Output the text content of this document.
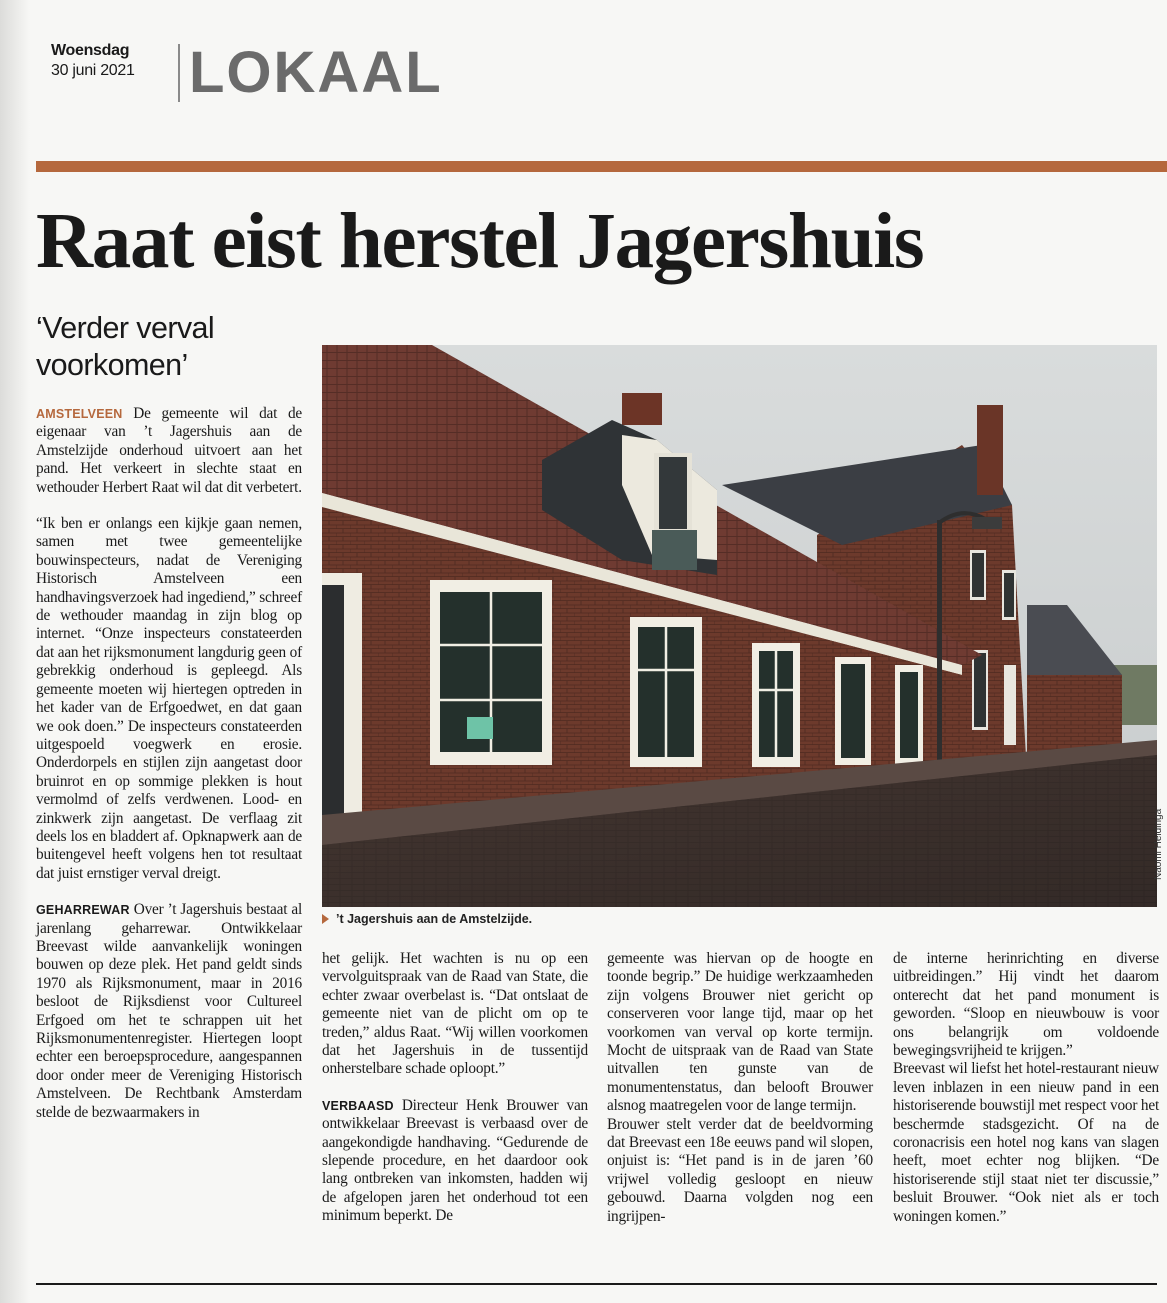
Woensdag
30 juni 2021 LOKAAL
Raat eist herstel Jagershuis
‘Verder verval voorkomen’

AMSTELVEEN De gemeente wil dat de eigenaar van ’t Jagershuis aan de Amstelzijde onderhoud uitvoert aan het pand. Het verkeert in slechte staat en wethouder Herbert Raat wil dat dit verbetert.

“Ik ben er onlangs een kijkje gaan nemen, samen met twee gemeentelijke bouwinspecteurs, nadat de Vereniging Historisch Amstelveen een handhavingsverzoek had ingediend,” schreef de wethouder maandag in zijn blog op internet. “Onze inspecteurs constateerden dat aan het rijksmonument langdurig geen of gebrekkig onderhoud is gepleegd. Als gemeente moeten wij hiertegen optreden in het kader van de Erfgoedwet, en dat gaan we ook doen.” De inspecteurs constateerden uitgespoeld voegwerk en erosie. Onderdorpels en stijlen zijn aangetast door bruinrot en op sommige plekken is hout vermolmd of zelfs verdwenen. Lood- en zinkwerk zijn aangetast. De verflaag zit deels los en bladdert af. Opknapwerk aan de buitengevel heeft volgens hen tot resultaat dat juist ernstiger verval dreigt.

GEHARREWAR Over ’t Jagershuis bestaat al jarenlang geharrewar. Ontwikkelaar Breevast wilde aanvankelijk woningen bouwen op deze plek. Het pand geldt sinds 1970 als Rijksmonument, maar in 2016 besloot de Rijksdienst voor Cultureel Erfgoed om het te schrappen uit het Rijksmonumentenregister. Hiertegen loopt echter een beroepsprocedure, aangespannen door onder meer de Vereniging Historisch Amstelveen. De Rechtbank Amsterdam stelde de bezwaarmakers in

Naomi Heidinga
’t Jagershuis aan de Amstelzijde.

het gelijk. Het wachten is nu op een vervolguitspraak van de Raad van State, die echter zwaar overbelast is. “Dat ontslaat de gemeente niet van de plicht om op te treden,” aldus Raat. “Wij willen voorkomen dat het Jagershuis in de tussentijd onherstelbare schade oploopt.”

VERBAASD Directeur Henk Brouwer van ontwikkelaar Breevast is verbaasd over de aangekondigde handhaving. “Gedurende de slepende procedure, en het daardoor ook lang ontbreken van inkomsten, hadden wij de afgelopen jaren het onderhoud tot een minimum beperkt. De

gemeente was hiervan op de hoogte en toonde begrip.” De huidige werkzaamheden zijn volgens Brouwer niet gericht op conserveren voor lange tijd, maar op het voorkomen van verval op korte termijn. Mocht de uitspraak van de Raad van State uitvallen ten gunste van de monumentenstatus, dan belooft Brouwer alsnog maatregelen voor de lange termijn.

Brouwer stelt verder dat de beeldvorming dat Breevast een 18e eeuws pand wil slopen, onjuist is: “Het pand is in de jaren ’60 vrijwel volledig gesloopt en nieuw gebouwd. Daarna volgden nog een ingrijpen-

de interne herinrichting en diverse uitbreidingen.” Hij vindt het daarom onterecht dat het pand monument is geworden. “Sloop en nieuwbouw is voor ons belangrijk om voldoende bewegingsvrijheid te krijgen.”

Breevast wil liefst het hotel-restaurant nieuw leven inblazen in een nieuw pand in een historiserende bouwstijl met respect voor het beschermde stadsgezicht. Of na de coronacrisis een hotel nog kans van slagen heeft, moet echter nog blijken. “De historiserende stijl staat niet ter discussie,” besluit Brouwer. “Ook niet als er toch woningen komen.”
